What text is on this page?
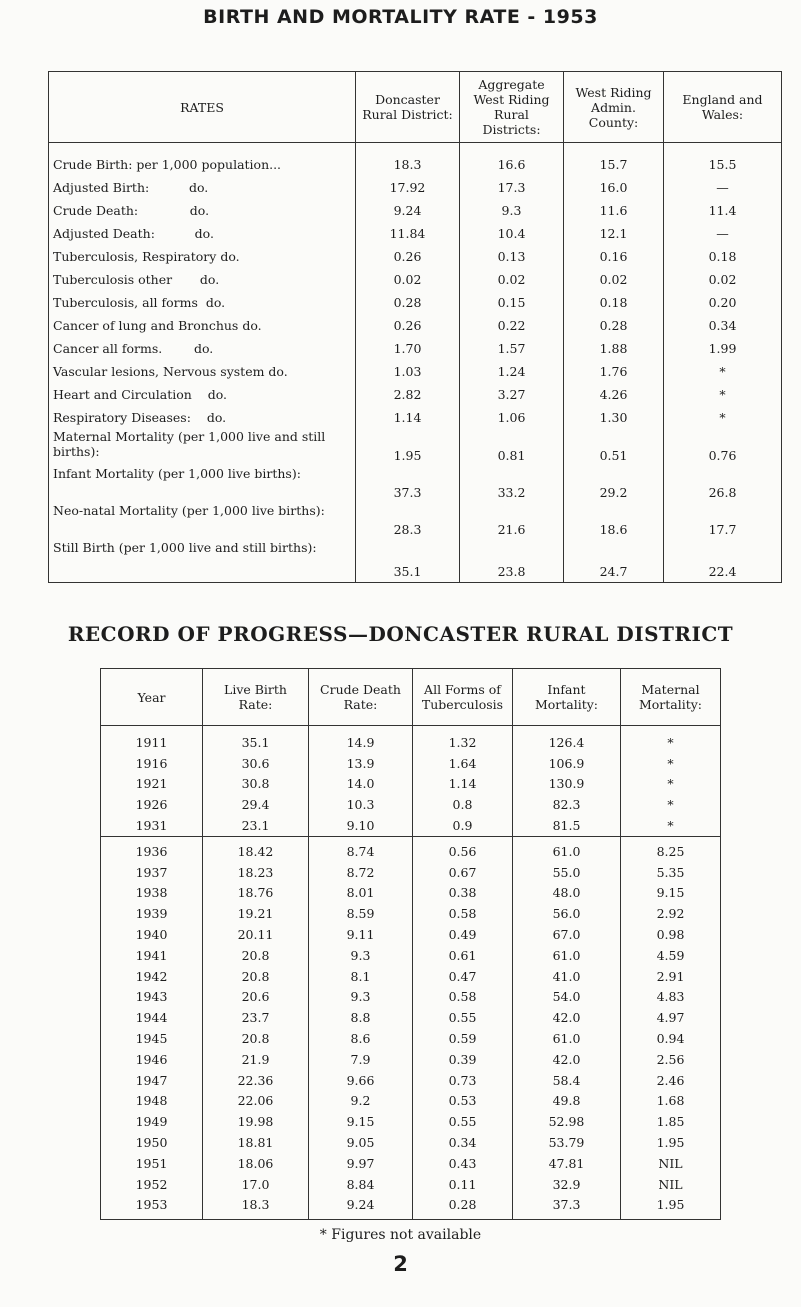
BIRTH AND MORTALITY RATE - 1953
RATES	Doncaster Rural District:	Aggregate West Riding Rural Districts:	West Riding Admin. County:	England and Wales:
Crude Birth: per 1,000 population...	18.3	16.6	15.7	15.5
Adjusted Birth:          do.	17.92	17.3	16.0	—
Crude Death:             do.	9.24	9.3	11.6	11.4
Adjusted Death:          do.	11.84	10.4	12.1	—
Tuberculosis, Respiratory do.	0.26	0.13	0.16	0.18
Tuberculosis other       do.	0.02	0.02	0.02	0.02
Tuberculosis, all forms  do.	0.28	0.15	0.18	0.20
Cancer of lung and Bronchus do.	0.26	0.22	0.28	0.34
Cancer all forms.        do.	1.70	1.57	1.88	1.99
Vascular lesions, Nervous system do.	1.03	1.24	1.76	*
Heart and Circulation    do.	2.82	3.27	4.26	*
Respiratory Diseases:    do.	1.14	1.06	1.30	*
Maternal Mortality (per 1,000 live and still births):	1.95	0.81	0.51	0.76
Infant Mortality (per 1,000 live births):	37.3	33.2	29.2	26.8
Neo-natal Mortality (per 1,000 live births):	28.3	21.6	18.6	17.7
Still Birth (per 1,000 live and still births):	35.1	23.8	24.7	22.4
RECORD OF PROGRESS—DONCASTER RURAL DISTRICT
Year	Live Birth Rate:	Crude Death Rate:	All Forms of Tuberculosis	Infant Mortality:	Maternal Mortality:
1911	35.1	14.9	1.32	126.4	*
1916	30.6	13.9	1.64	106.9	*
1921	30.8	14.0	1.14	130.9	*
1926	29.4	10.3	0.8	82.3	*
1931	23.1	9.10	0.9	81.5	*
1936	18.42	8.74	0.56	61.0	8.25
1937	18.23	8.72	0.67	55.0	5.35
1938	18.76	8.01	0.38	48.0	9.15
1939	19.21	8.59	0.58	56.0	2.92
1940	20.11	9.11	0.49	67.0	0.98
1941	20.8	9.3	0.61	61.0	4.59
1942	20.8	8.1	0.47	41.0	2.91
1943	20.6	9.3	0.58	54.0	4.83
1944	23.7	8.8	0.55	42.0	4.97
1945	20.8	8.6	0.59	61.0	0.94
1946	21.9	7.9	0.39	42.0	2.56
1947	22.36	9.66	0.73	58.4	2.46
1948	22.06	9.2	0.53	49.8	1.68
1949	19.98	9.15	0.55	52.98	1.85
1950	18.81	9.05	0.34	53.79	1.95
1951	18.06	9.97	0.43	47.81	NIL
1952	17.0	8.84	0.11	32.9	NIL
1953	18.3	9.24	0.28	37.3	1.95
* Figures not available
2
